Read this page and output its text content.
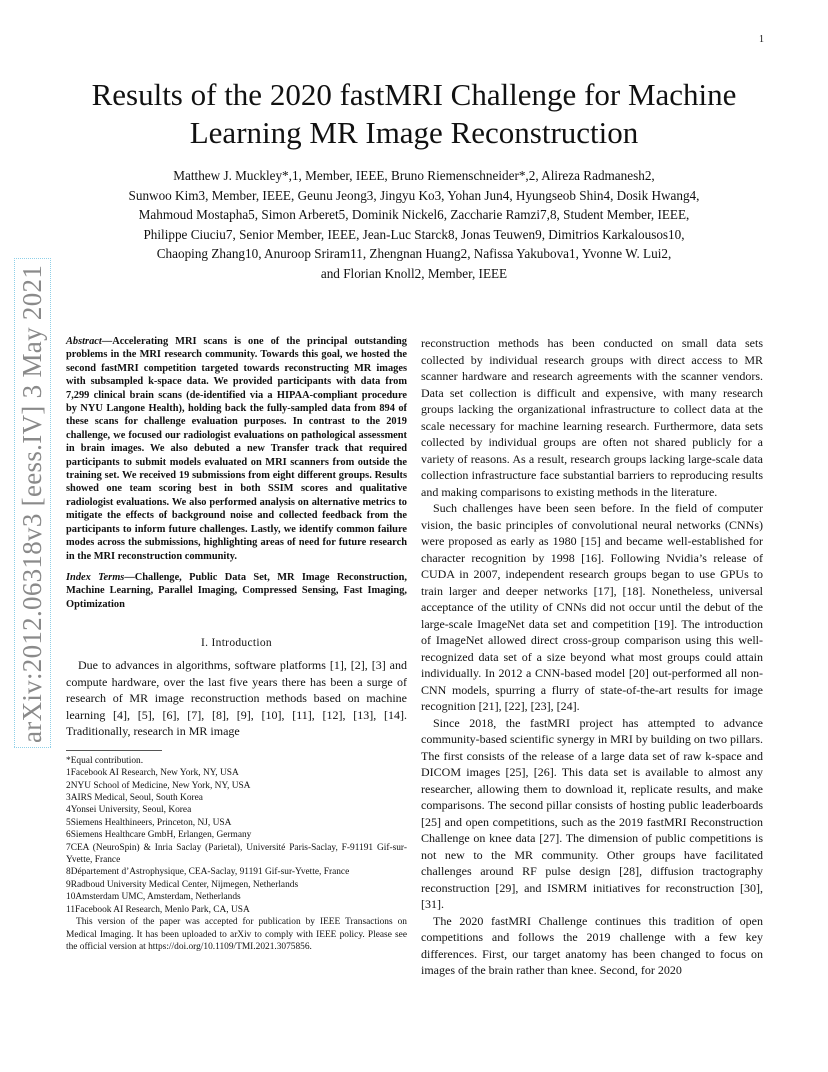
1
arXiv:2012.06318v3 [eess.IV] 3 May 2021
Results of the 2020 fastMRI Challenge for Machine Learning MR Image Reconstruction
Matthew J. Muckley*,1, Member, IEEE, Bruno Riemenschneider*,2, Alireza Radmanesh2,
Sunwoo Kim3, Member, IEEE, Geunu Jeong3, Jingyu Ko3, Yohan Jun4, Hyungseob Shin4, Dosik Hwang4,
Mahmoud Mostapha5, Simon Arberet5, Dominik Nickel6, Zaccharie Ramzi7,8, Student Member, IEEE,
Philippe Ciuciu7, Senior Member, IEEE, Jean-Luc Starck8, Jonas Teuwen9, Dimitrios Karkalousos10,
Chaoping Zhang10, Anuroop Sriram11, Zhengnan Huang2, Nafissa Yakubova1, Yvonne W. Lui2,
and Florian Knoll2, Member, IEEE

Abstract—Accelerating MRI scans is one of the principal outstanding problems in the MRI research community. Towards this goal, we hosted the second fastMRI competition targeted towards reconstructing MR images with subsampled k-space data. We provided participants with data from 7,299 clinical brain scans (de-identified via a HIPAA-compliant procedure by NYU Langone Health), holding back the fully-sampled data from 894 of these scans for challenge evaluation purposes. In contrast to the 2019 challenge, we focused our radiologist evaluations on pathological assessment in brain images. We also debuted a new Transfer track that required participants to submit models evaluated on MRI scanners from outside the training set. We received 19 submissions from eight different groups. Results showed one team scoring best in both SSIM scores and qualitative radiologist evaluations. We also performed analysis on alternative metrics to mitigate the effects of background noise and collected feedback from the participants to inform future challenges. Lastly, we identify common failure modes across the submissions, highlighting areas of need for future research in the MRI reconstruction community.

Index Terms—Challenge, Public Data Set, MR Image Reconstruction, Machine Learning, Parallel Imaging, Compressed Sensing, Fast Imaging, Optimization

I. Introduction

Due to advances in algorithms, software platforms [1], [2], [3] and compute hardware, over the last five years there has been a surge of research of MR image reconstruction methods based on machine learning [4], [5], [6], [7], [8], [9], [10], [11], [12], [13], [14]. Traditionally, research in MR image

*Equal contribution.

1Facebook AI Research, New York, NY, USA

2NYU School of Medicine, New York, NY, USA

3AIRS Medical, Seoul, South Korea

4Yonsei University, Seoul, Korea

5Siemens Healthineers, Princeton, NJ, USA

6Siemens Healthcare GmbH, Erlangen, Germany

7CEA (NeuroSpin) & Inria Saclay (Parietal), Université Paris-Saclay, F-91191 Gif-sur-Yvette, France

8Département d’Astrophysique, CEA-Saclay, 91191 Gif-sur-Yvette, France

9Radboud University Medical Center, Nijmegen, Netherlands

10Amsterdam UMC, Amsterdam, Netherlands

11Facebook AI Research, Menlo Park, CA, USA

This version of the paper was accepted for publication by IEEE Transactions on Medical Imaging. It has been uploaded to arXiv to comply with IEEE policy. Please see the official version at https://doi.org/10.1109/TMI.2021.3075856.

reconstruction methods has been conducted on small data sets collected by individual research groups with direct access to MR scanner hardware and research agreements with the scanner vendors. Data set collection is difficult and expensive, with many research groups lacking the organizational infrastructure to collect data at the scale necessary for machine learning research. Furthermore, data sets collected by individual groups are often not shared publicly for a variety of reasons. As a result, research groups lacking large-scale data collection infrastructure face substantial barriers to reproducing results and making comparisons to existing methods in the literature.

Such challenges have been seen before. In the field of computer vision, the basic principles of convolutional neural networks (CNNs) were proposed as early as 1980 [15] and became well-established for character recognition by 1998 [16]. Following Nvidia’s release of CUDA in 2007, independent research groups began to use GPUs to train larger and deeper networks [17], [18]. Nonetheless, universal acceptance of the utility of CNNs did not occur until the debut of the large-scale ImageNet data set and competition [19]. The introduction of ImageNet allowed direct cross-group comparison using this well-recognized data set of a size beyond what most groups could attain individually. In 2012 a CNN-based model [20] out-performed all non-CNN models, spurring a flurry of state-of-the-art results for image recognition [21], [22], [23], [24].

Since 2018, the fastMRI project has attempted to advance community-based scientific synergy in MRI by building on two pillars. The first consists of the release of a large data set of raw k-space and DICOM images [25], [26]. This data set is available to almost any researcher, allowing them to download it, replicate results, and make comparisons. The second pillar consists of hosting public leaderboards [25] and open competitions, such as the 2019 fastMRI Reconstruction Challenge on knee data [27]. The dimension of public competitions is not new to the MR community. Other groups have facilitated challenges around RF pulse design [28], diffusion tractography reconstruction [29], and ISMRM initiatives for reconstruction [30], [31].

The 2020 fastMRI Challenge continues this tradition of open competitions and follows the 2019 challenge with a few key differences. First, our target anatomy has been changed to focus on images of the brain rather than knee. Second, for 2020
